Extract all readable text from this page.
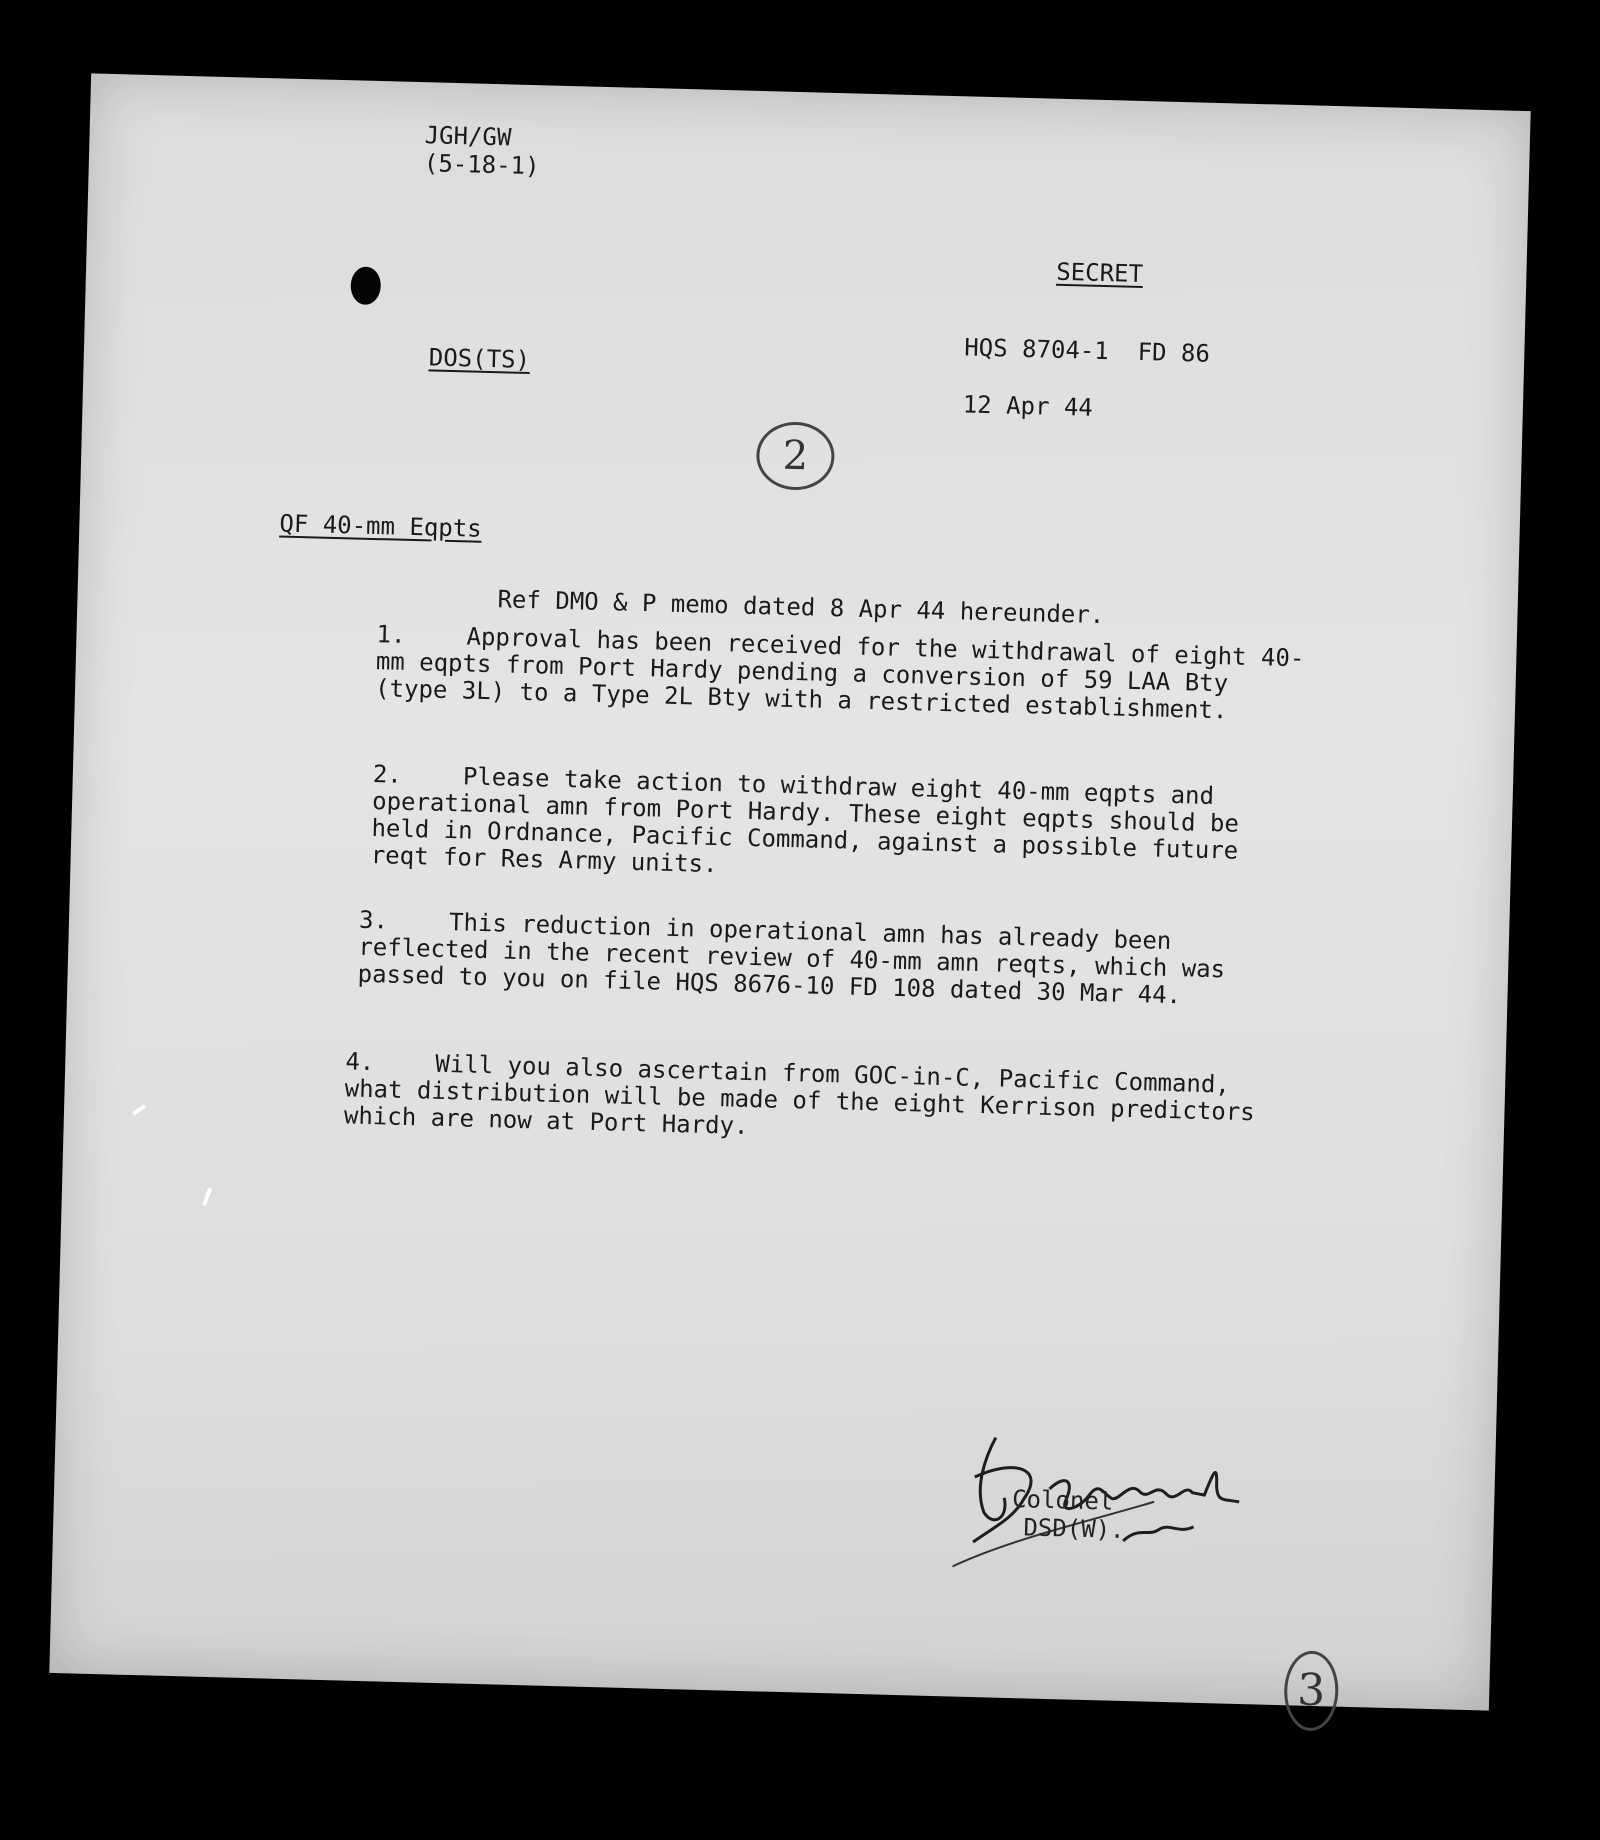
JGH/GW
(5-18-1)
SECRET
HQS 8704-1  FD 86
DOS(TS)
12 Apr 44
2
QF 40-mm Eqpts
Ref DMO & P memo dated 8 Apr 44 hereunder.
1.	Approval has been received for the withdrawal of eight 40-mm eqpts from Port Hardy pending a conversion of 59 LAA Bty (type 3L) to a Type 2L Bty with a restricted establishment.
2.	Please take action to withdraw eight 40-mm eqpts and operational amn from Port Hardy. These eight eqpts should be held in Ordnance, Pacific Command, against a possible future reqt for Res Army units.
3.	This reduction in operational amn has already been reflected in the recent review of 40-mm amn reqts, which was passed to you on file HQS 8676-10 FD 108 dated 30 Mar 44.
4.	Will you also ascertain from GOC-in-C, Pacific Command, what distribution will be made of the eight Kerrison predictors which are now at Port Hardy.
Colonel
DSD(W).
3
